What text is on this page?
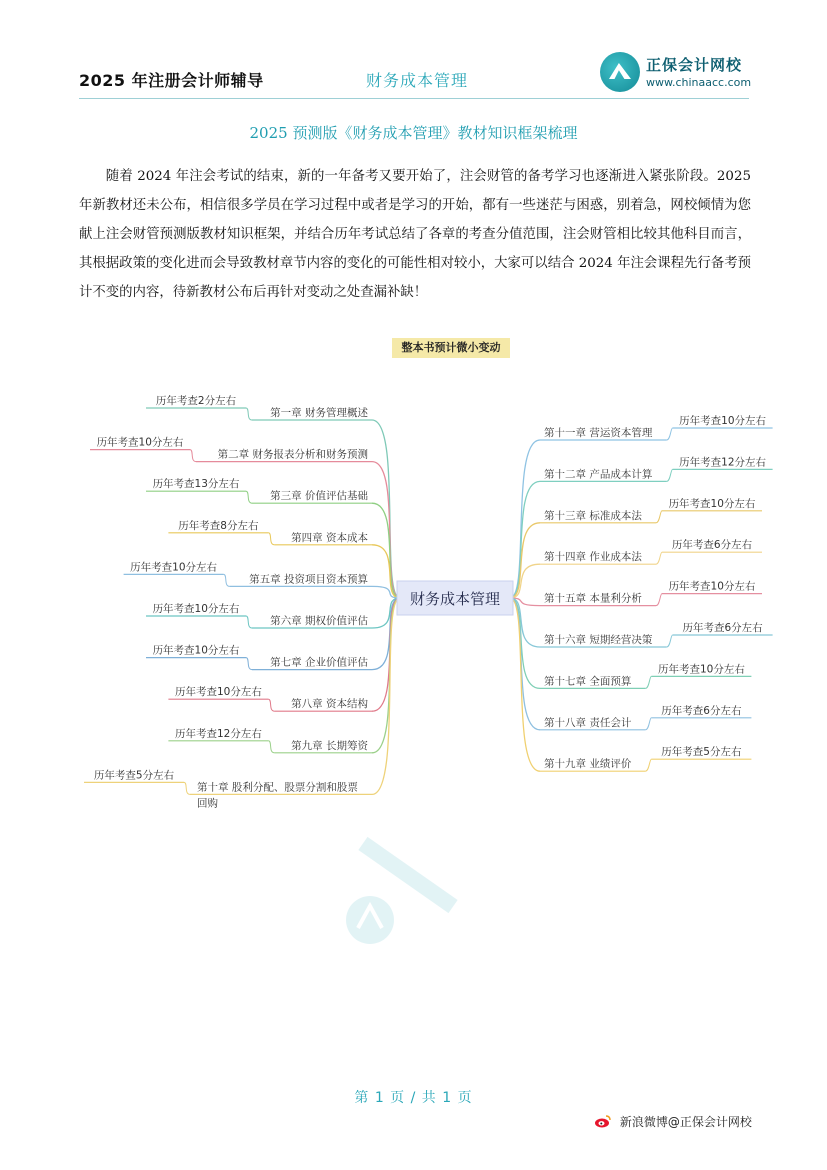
2025 年注册会计师辅导	财务成本管理
正保会计网校
www.chinaacc.com
2025 预测版《财务成本管理》教材知识框架梳理

随着 2024 年注会考试的结束，新的一年备考又要开始了，注会财管的备考学习也逐渐进入紧张阶段。2025 年新教材还未公布，相信很多学员在学习过程中或者是学习的开始，都有一些迷茫与困惑，别着急，网校倾情为您献上注会财管预测版教材知识框架，并结合历年考试总结了各章的考查分值范围，注会财管相比较其他科目而言，其根据政策的变化进而会导致教材章节内容的变化的可能性相对较小，大家可以结合 2024 年注会课程先行备考预计不变的内容，待新教材公布后再针对变动之处查漏补缺！

整本书预计微小变动
第一章 财务管理概述
历年考查2分左右
第二章 财务报表分析和财务预测
历年考查10分左右
第三章 价值评估基础
历年考查13分左右
第四章 资本成本
历年考查8分左右
第五章 投资项目资本预算
历年考查10分左右
第六章 期权价值评估
历年考查10分左右
第七章 企业价值评估
历年考查10分左右
第八章 资本结构
历年考查10分左右
第九章 长期筹资
历年考查12分左右
第十章 股利分配、股票分割和股票
回购
历年考查5分左右
第十一章 营运资本管理
历年考查10分左右
第十二章 产品成本计算
历年考查12分左右
第十三章 标准成本法
历年考查10分左右
第十四章 作业成本法
历年考查6分左右
第十五章 本量利分析
历年考查10分左右
第十六章 短期经营决策
历年考查6分左右
第十七章 全面预算
历年考查10分左右
第十八章 责任会计
历年考查6分左右
第十九章 业绩评价
历年考查5分左右
财务成本管理
第 1 页 / 共 1 页
新浪微博@正保会计网校
